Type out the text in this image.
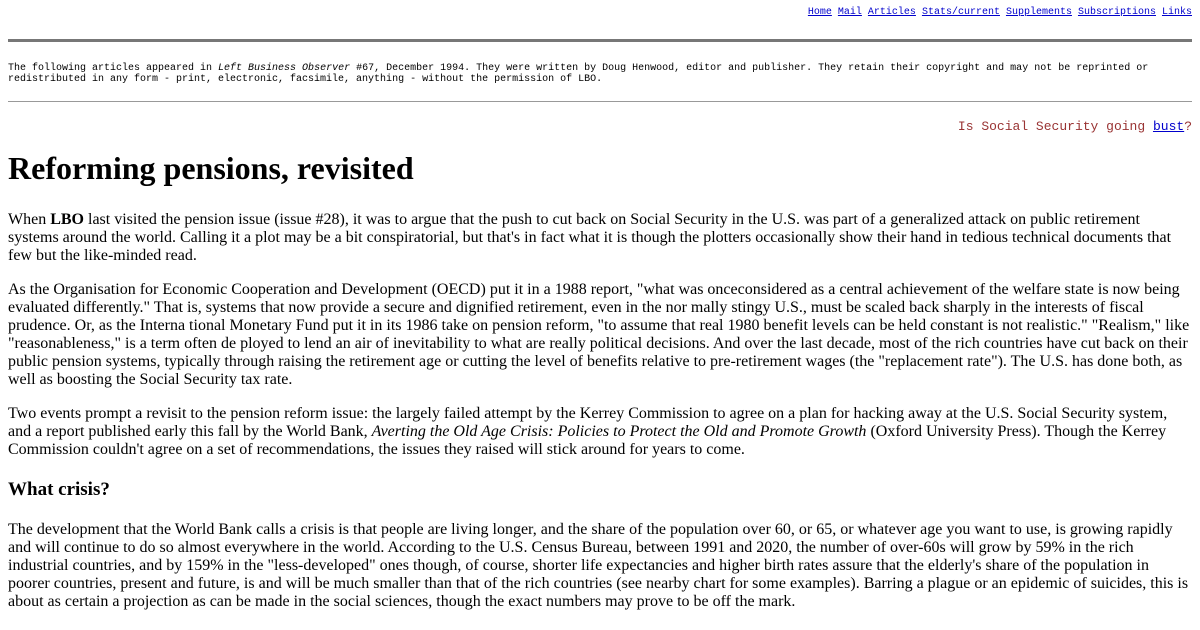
Home Mail Articles Stats/current Supplements Subscriptions Links
The following articles appeared in Left Business Observer #67, December 1994. They were written by Doug Henwood, editor and publisher. They retain their copyright and may not be reprinted or redistributed in any form - print, electronic, facsimile, anything - without the permission of LBO.
Is Social Security going bust?
Reforming pensions, revisited

When LBO last visited the pension issue (issue #28), it was to argue that the push to cut back on Social Security in the U.S. was part of a generalized attack on public retirement systems around the world. Calling it a plot may be a bit conspiratorial, but that's in fact what it is though the plotters occasionally show their hand in tedious technical documents that few but the like-minded read.

As the Organisation for Economic Cooperation and Development (OECD) put it in a 1988 report, "what was onceconsidered as a central achievement of the welfare state is now being evaluated differently." That is, systems that now provide a secure and dignified retirement, even in the nor mally stingy U.S., must be scaled back sharply in the interests of fiscal prudence. Or, as the Interna tional Monetary Fund put it in its 1986 take on pension reform, "to assume that real 1980 benefit levels can be held constant is not realistic." "Realism," like "reasonableness," is a term often de ployed to lend an air of inevitability to what are really political decisions. And over the last decade, most of the rich countries have cut back on their public pension systems, typically through raising the retirement age or cutting the level of benefits relative to pre-retirement wages (the "replacement rate"). The U.S. has done both, as well as boosting the Social Security tax rate.

Two events prompt a revisit to the pension reform issue: the largely failed attempt by the Kerrey Commission to agree on a plan for hacking away at the U.S. Social Security system, and a report published early this fall by the World Bank, Averting the Old Age Crisis: Policies to Protect the Old and Promote Growth (Oxford University Press). Though the Kerrey Commission couldn't agree on a set of recommendations, the issues they raised will stick around for years to come.

What crisis?

The development that the World Bank calls a crisis is that people are living longer, and the share of the population over 60, or 65, or whatever age you want to use, is growing rapidly and will continue to do so almost everywhere in the world. According to the U.S. Census Bureau, between 1991 and 2020, the number of over-60s will grow by 59% in the rich industrial countries, and by 159% in the "less-developed" ones though, of course, shorter life expectancies and higher birth rates assure that the elderly's share of the population in poorer countries, present and future, is and will be much smaller than that of the rich countries (see nearby chart for some examples). Barring a plague or an epidemic of suicides, this is about as certain a projection as can be made in the social sciences, though the exact numbers may prove to be off the mark.
